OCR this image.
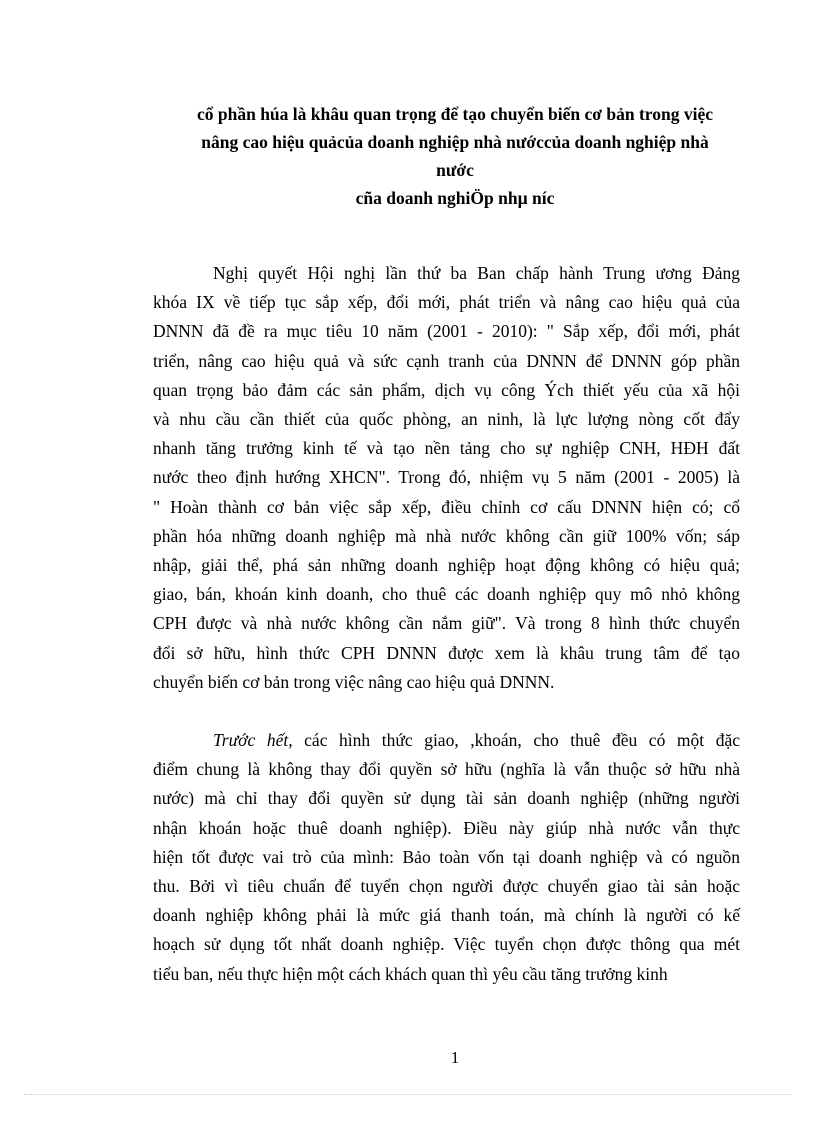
cổ phần húa là khâu quan trọng để tạo chuyển biến cơ bản trong việc
nâng cao hiệu quảcủa doanh nghiệp nhà nướccủa doanh nghiệp nhà
nước
cña doanh nghiÖp nhµ níc
Nghị quyết Hội nghị lần thứ ba Ban chấp hành Trung ương Đảng
khóa IX về tiếp tục sắp xếp, đổi mới, phát triển và nâng cao hiệu quả của
DNNN đã đề ra mục tiêu 10 năm (2001 - 2010): " Sắp xếp, đổi mới, phát
triển, nâng cao hiệu quả và sức cạnh tranh của DNNN để DNNN góp phần
quan trọng bảo đảm các sản phẩm, dịch vụ công Ých thiết yếu của xã hội
và nhu cầu cần thiết của quốc phòng, an ninh, là lực lượng nòng cốt đẩy
nhanh tăng trưởng kinh tế và tạo nền tảng cho sự nghiệp CNH, HĐH đất
nước theo định hướng XHCN". Trong đó, nhiệm vụ 5 năm (2001 - 2005) là
" Hoàn thành cơ bản việc sắp xếp, điều chỉnh cơ cấu DNNN hiện có; cổ
phần hóa những doanh nghiệp mà nhà nước không cần giữ 100% vốn; sáp
nhập, giải thể, phá sản những doanh nghiệp hoạt động không có hiệu quả;
giao, bán, khoán kinh doanh, cho thuê các doanh nghiệp quy mô nhỏ không
CPH được và nhà nước không cần nắm giữ". Và trong 8 hình thức chuyển
đổi sở hữu, hình thức CPH DNNN được xem là khâu trung tâm để tạo
chuyển biến cơ bản trong việc nâng cao hiệu quả DNNN.
Trước hết, các hình thức giao, ,khoán, cho thuê đều có một đặc
điểm chung là không thay đổi quyền sở hữu (nghĩa là vẫn thuộc sở hữu nhà
nước) mà chỉ thay đổi quyền sử dụng tài sản doanh nghiệp (những người
nhận khoán hoặc thuê doanh nghiệp). Điều này giúp nhà nước vẫn thực
hiện tốt được vai trò của mình: Bảo toàn vốn tại doanh nghiệp và có nguồn
thu. Bởi vì tiêu chuẩn để tuyển chọn người được chuyển giao tài sản hoặc
doanh nghiệp không phải là mức giá thanh toán, mà chính là người có kế
hoạch sử dụng tốt nhất doanh nghiệp. Việc tuyển chọn được thông qua mét
tiểu ban, nếu thực hiện một cách khách quan thì yêu cầu tăng trưởng kinh
1
